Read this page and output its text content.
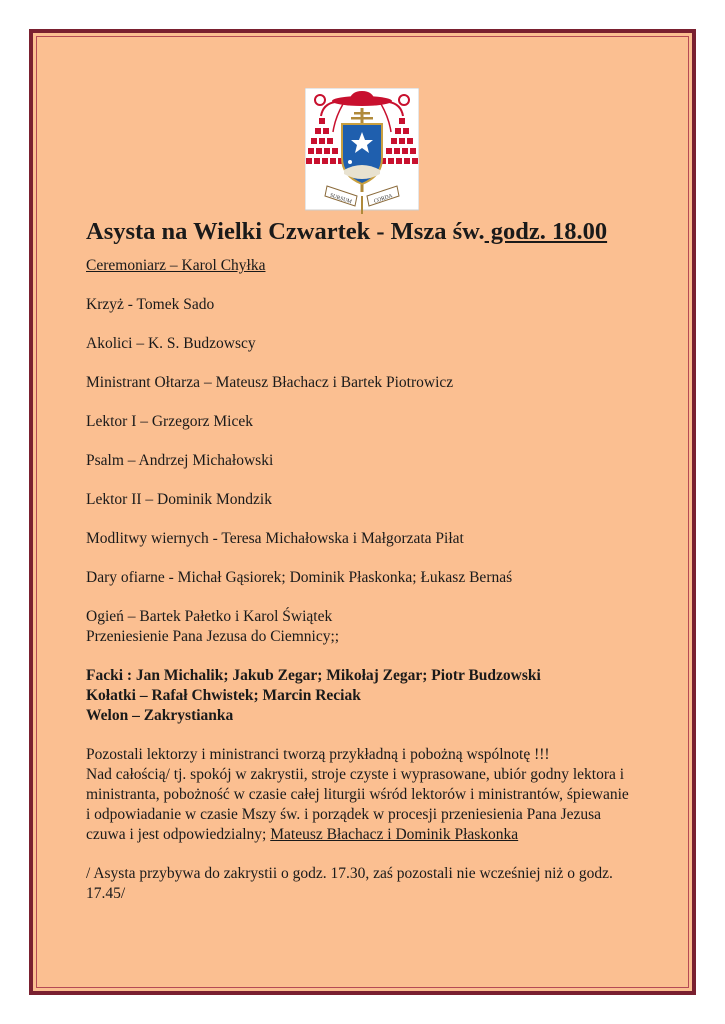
SURSUM	CORDA
Asysta na Wielki Czwartek - Msza św. godz. 18.00

Ceremoniarz – Karol Chyłka

Krzyż - Tomek Sado

Akolici – K. S. Budzowscy

Ministrant Ołtarza – Mateusz Błachacz i Bartek Piotrowicz

Lektor I – Grzegorz Micek

Psalm – Andrzej Michałowski

Lektor II – Dominik Mondzik

Modlitwy wiernych - Teresa Michałowska i Małgorzata Piłat

Dary ofiarne - Michał Gąsiorek; Dominik Płaskonka; Łukasz Bernaś

Ogień – Bartek Pałetko i Karol Świątek

Przeniesienie Pana Jezusa do Ciemnicy;;

Facki : Jan Michalik; Jakub Zegar; Mikołaj Zegar; Piotr Budzowski

Kołatki – Rafał Chwistek; Marcin Reciak

Welon – Zakrystianka

Pozostali lektorzy i ministranci tworzą przykładną i pobożną wspólnotę !!!

Nad całością/ tj. spokój w zakrystii, stroje czyste i wyprasowane, ubiór godny lektora i ministranta, pobożność w czasie całej liturgii wśród lektorów i ministrantów, śpiewanie i odpowiadanie w czasie Mszy św. i porządek w procesji przeniesienia Pana Jezusa czuwa i jest odpowiedzialny; Mateusz Błachacz i Dominik Płaskonka

/ Asysta przybywa do zakrystii o godz. 17.30, zaś pozostali nie wcześniej niż o godz. 17.45/
